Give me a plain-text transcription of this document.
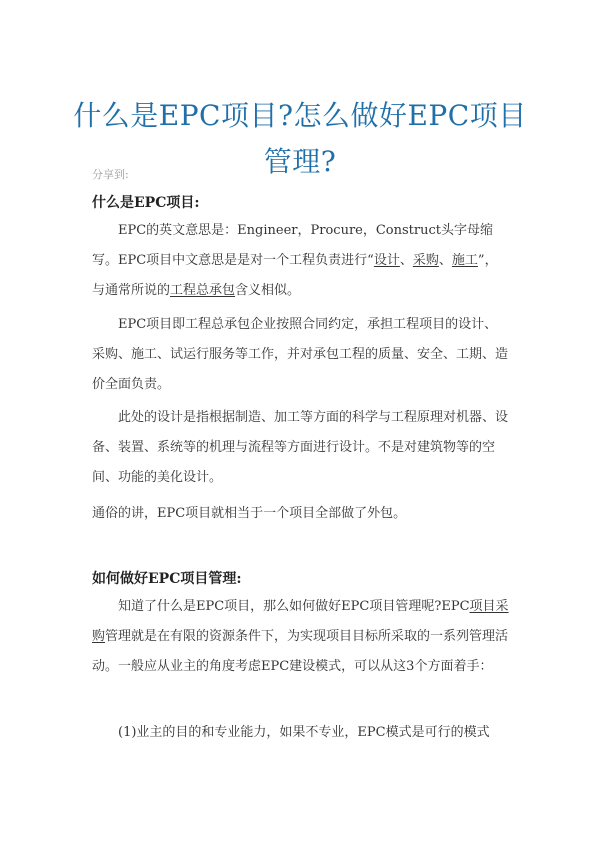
什么是EPC项目?怎么做好EPC项目管理?
分享到:
什么是EPC项目:
EPC的英文意思是：Engineer，Procure，Construct头字母缩写。EPC项目中文意思是是对一个工程负责进行“设计、采购、施工”，与通常所说的工程总承包含义相似。
EPC项目即工程总承包企业按照合同约定，承担工程项目的设计、采购、施工、试运行服务等工作，并对承包工程的质量、安全、工期、造价全面负责。
此处的设计是指根据制造、加工等方面的科学与工程原理对机器、设备、装置、系统等的机理与流程等方面进行设计。不是对建筑物等的空间、功能的美化设计。
通俗的讲，EPC项目就相当于一个项目全部做了外包。
如何做好EPC项目管理:
知道了什么是EPC项目，那么如何做好EPC项目管理呢?EPC项目采购管理就是在有限的资源条件下，为实现项目目标所采取的一系列管理活动。一般应从业主的角度考虑EPC建设模式，可以从这3个方面着手：
(1)业主的目的和专业能力，如果不专业，EPC模式是可行的模式
